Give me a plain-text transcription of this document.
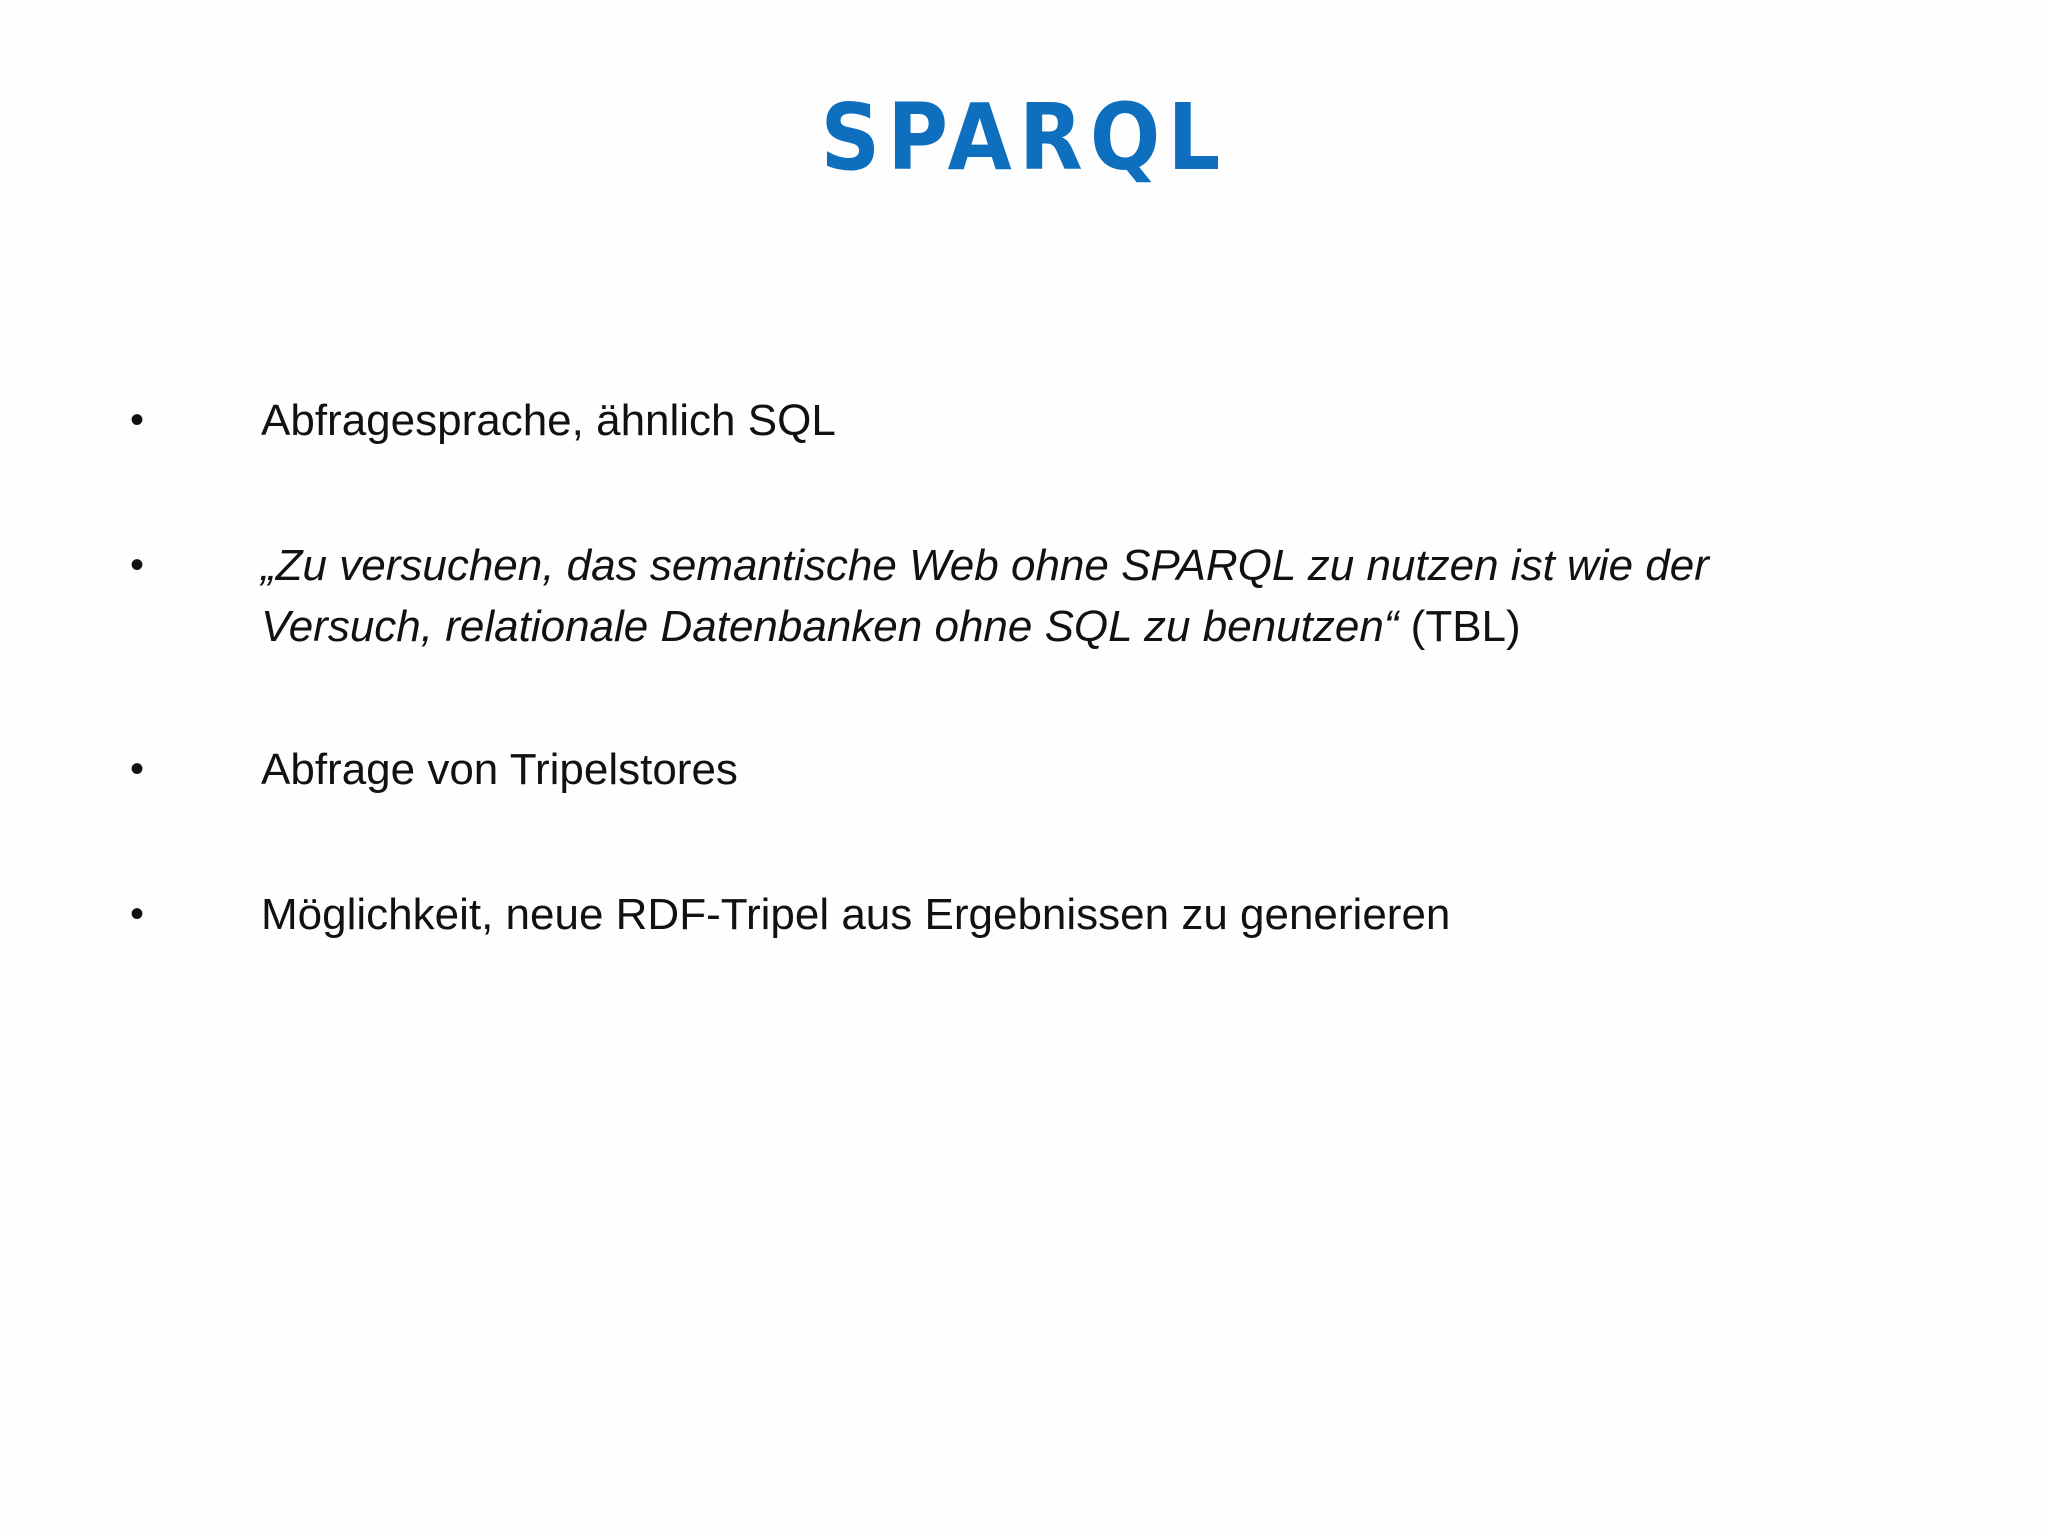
SPARQL
•	Abfragesprache, ähnlich SQL
•	„Zu versuchen, das semantische Web ohne SPARQL zu nutzen ist wie der Versuch, relationale Datenbanken ohne SQL zu benutzen“ (TBL)
•	Abfrage von Tripelstores
•	Möglichkeit, neue RDF-Tripel aus Ergebnissen zu generieren
